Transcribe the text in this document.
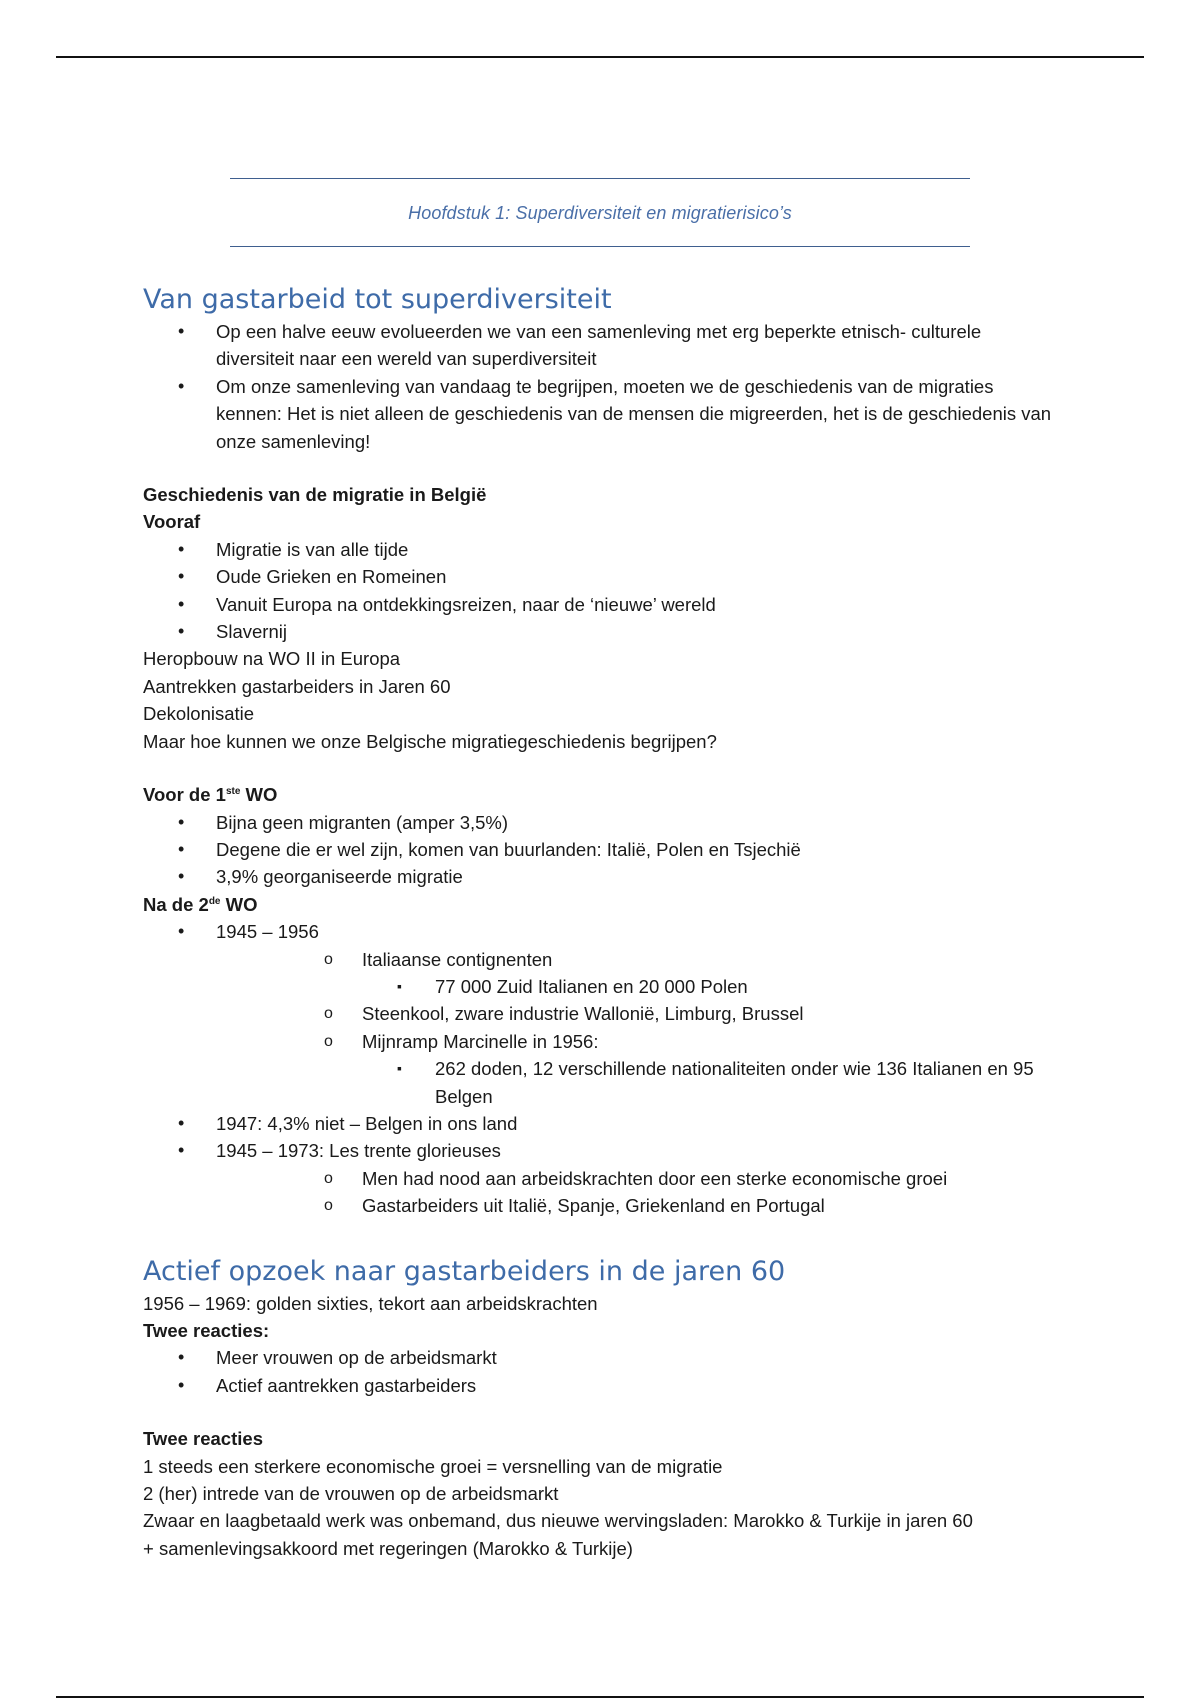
Hoofdstuk 1: Superdiversiteit en migratierisico’s
Van gastarbeid tot superdiversiteit
• Op een halve eeuw evolueerden we van een samenleving met erg beperkte etnisch- culturele diversiteit naar een wereld van superdiversiteit
• Om onze samenleving van vandaag te begrijpen, moeten we de geschiedenis van de migraties kennen: Het is niet alleen de geschiedenis van de mensen die migreerden, het is de geschiedenis van onze samenleving!
Geschiedenis van de migratie in België
Vooraf
• Migratie is van alle tijde
• Oude Grieken en Romeinen
• Vanuit Europa na ontdekkingsreizen, naar de ‘nieuwe’ wereld
• Slavernij
Heropbouw na WO II in Europa
Aantrekken gastarbeiders in Jaren 60
Dekolonisatie
Maar hoe kunnen we onze Belgische migratiegeschiedenis begrijpen?
Voor de 1ste WO
• Bijna geen migranten (amper 3,5%)
• Degene die er wel zijn, komen van buurlanden: Italië, Polen en Tsjechië
• 3,9% georganiseerde migratie
Na de 2de WO
• 1945 – 1956
o Italiaanse contignenten
▪ 77 000 Zuid Italianen en 20 000 Polen
o Steenkool, zware industrie Wallonië, Limburg, Brussel
o Mijnramp Marcinelle in 1956:
▪ 262 doden, 12 verschillende nationaliteiten onder wie 136 Italianen en 95 Belgen
• 1947: 4,3% niet – Belgen in ons land
• 1945 – 1973: Les trente glorieuses
o Men had nood aan arbeidskrachten door een sterke economische groei
o Gastarbeiders uit Italië, Spanje, Griekenland en Portugal
Actief opzoek naar gastarbeiders in de jaren 60
1956 – 1969: golden sixties, tekort aan arbeidskrachten
Twee reacties:
• Meer vrouwen op de arbeidsmarkt
• Actief aantrekken gastarbeiders
Twee reacties
1 steeds een sterkere economische groei = versnelling van de migratie
2 (her) intrede van de vrouwen op de arbeidsmarkt
Zwaar en laagbetaald werk was onbemand, dus nieuwe wervingsladen: Marokko & Turkije in jaren 60
+ samenlevingsakkoord met regeringen (Marokko & Turkije)
